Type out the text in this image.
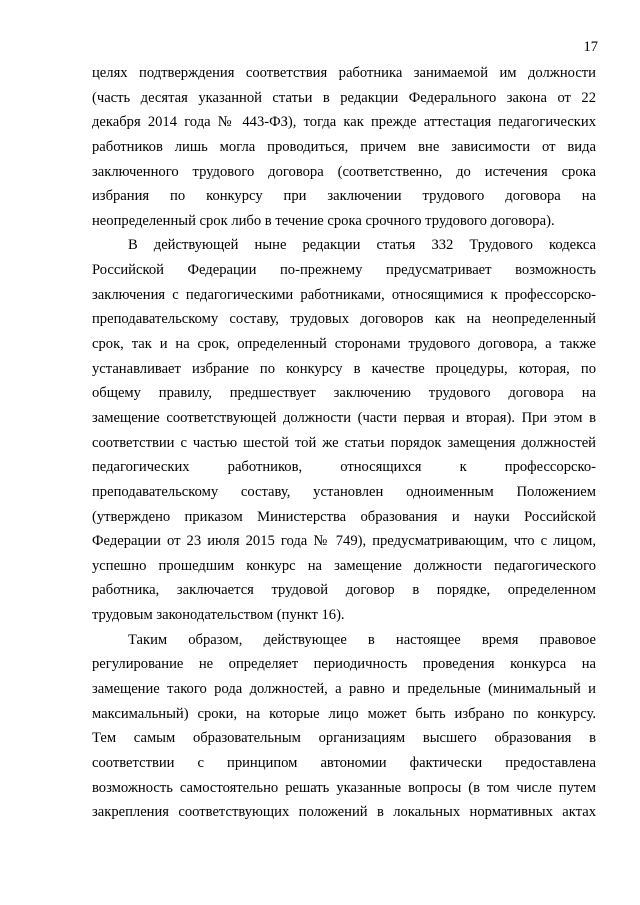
17
целях подтверждения соответствия работника занимаемой им должности
(часть десятая указанной статьи в редакции Федерального закона от 22
декабря 2014 года № 443-ФЗ), тогда как прежде аттестация педагогических
работников лишь могла проводиться, причем вне зависимости от вида
заключенного трудового договора (соответственно, до истечения срока
избрания по конкурсу при заключении трудового договора на
неопределенный срок либо в течение срока срочного трудового договора).
В действующей ныне редакции статья 332 Трудового кодекса
Российской Федерации по-прежнему предусматривает возможность
заключения с педагогическими работниками, относящимися к профессорско-
преподавательскому составу, трудовых договоров как на неопределенный
срок, так и на срок, определенный сторонами трудового договора, а также
устанавливает избрание по конкурсу в качестве процедуры, которая, по
общему правилу, предшествует заключению трудового договора на
замещение соответствующей должности (части первая и вторая). При этом в
соответствии с частью шестой той же статьи порядок замещения должностей
педагогических работников, относящихся к профессорско-
преподавательскому составу, установлен одноименным Положением
(утверждено приказом Министерства образования и науки Российской
Федерации от 23 июля 2015 года № 749), предусматривающим, что с лицом,
успешно прошедшим конкурс на замещение должности педагогического
работника, заключается трудовой договор в порядке, определенном
трудовым законодательством (пункт 16).
Таким образом, действующее в настоящее время правовое
регулирование не определяет периодичность проведения конкурса на
замещение такого рода должностей, а равно и предельные (минимальный и
максимальный) сроки, на которые лицо может быть избрано по конкурсу.
Тем самым образовательным организациям высшего образования в
соответствии с принципом автономии фактически предоставлена
возможность самостоятельно решать указанные вопросы (в том числе путем
закрепления соответствующих положений в локальных нормативных актах
